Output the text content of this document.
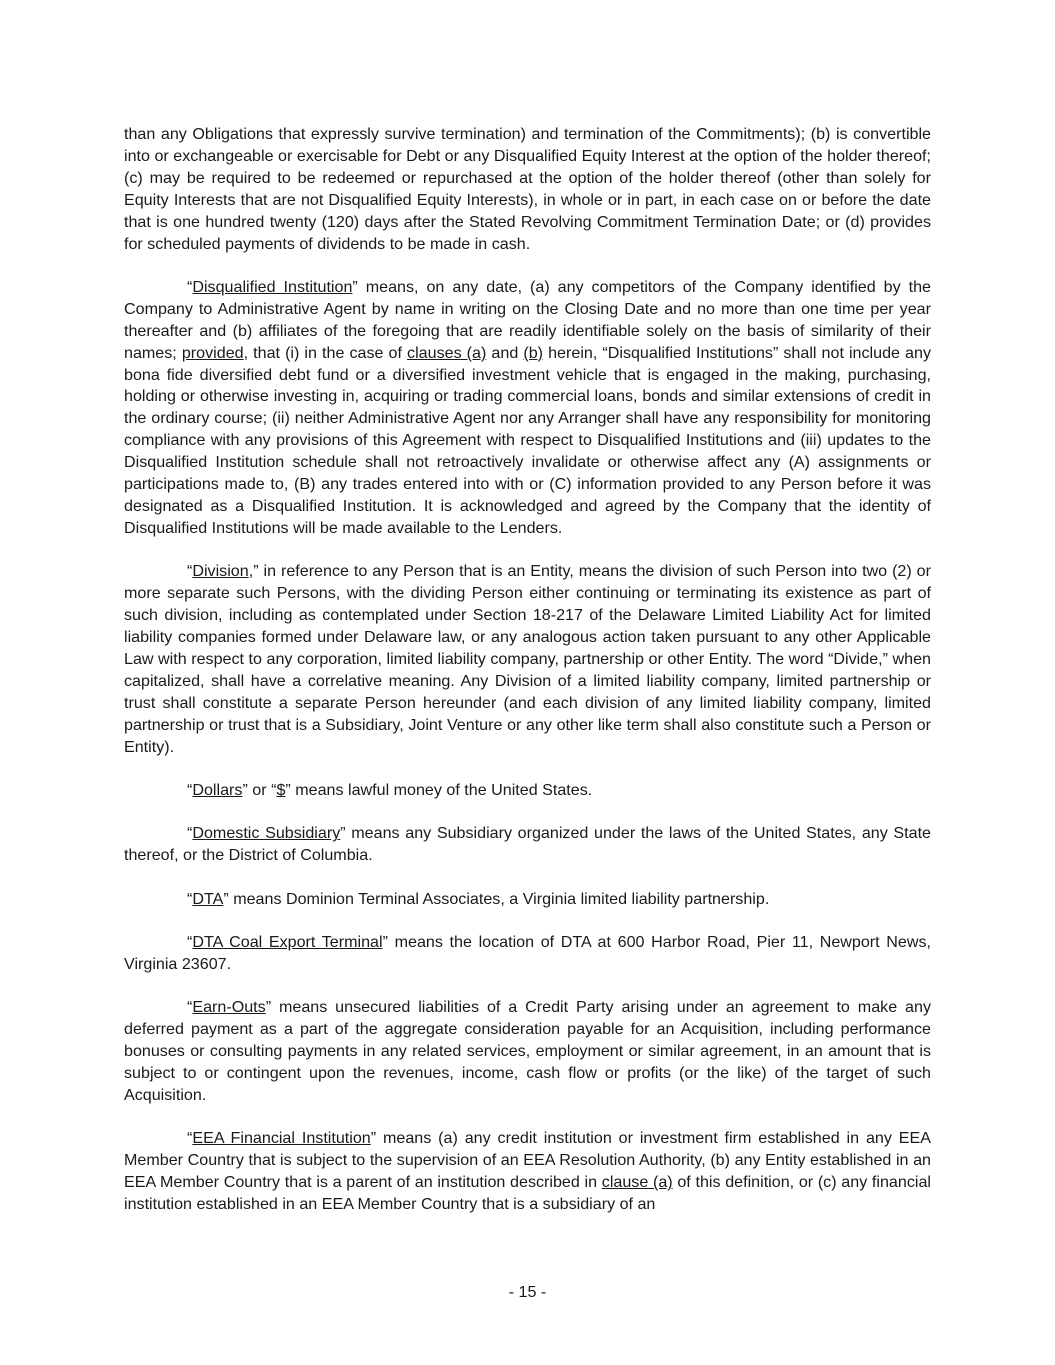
than any Obligations that expressly survive termination) and termination of the Commitments); (b) is convertible into or exchangeable or exercisable for Debt or any Disqualified Equity Interest at the option of the holder thereof; (c) may be required to be redeemed or repurchased at the option of the holder thereof (other than solely for Equity Interests that are not Disqualified Equity Interests), in whole or in part, in each case on or before the date that is one hundred twenty (120) days after the Stated Revolving Commitment Termination Date; or (d) provides for scheduled payments of dividends to be made in cash.

“Disqualified Institution” means, on any date, (a) any competitors of the Company identified by the Company to Administrative Agent by name in writing on the Closing Date and no more than one time per year thereafter and (b) affiliates of the foregoing that are readily identifiable solely on the basis of similarity of their names; provided, that (i) in the case of clauses (a) and (b) herein, “Disqualified Institutions” shall not include any bona fide diversified debt fund or a diversified investment vehicle that is engaged in the making, purchasing, holding or otherwise investing in, acquiring or trading commercial loans, bonds and similar extensions of credit in the ordinary course; (ii) neither Administrative Agent nor any Arranger shall have any responsibility for monitoring compliance with any provisions of this Agreement with respect to Disqualified Institutions and (iii) updates to the Disqualified Institution schedule shall not retroactively invalidate or otherwise affect any (A) assignments or participations made to, (B) any trades entered into with or (C) information provided to any Person before it was designated as a Disqualified Institution. It is acknowledged and agreed by the Company that the identity of Disqualified Institutions will be made available to the Lenders.

“Division,” in reference to any Person that is an Entity, means the division of such Person into two (2) or more separate such Persons, with the dividing Person either continuing or terminating its existence as part of such division, including as contemplated under Section 18-217 of the Delaware Limited Liability Act for limited liability companies formed under Delaware law, or any analogous action taken pursuant to any other Applicable Law with respect to any corporation, limited liability company, partnership or other Entity. The word “Divide,” when capitalized, shall have a correlative meaning. Any Division of a limited liability company, limited partnership or trust shall constitute a separate Person hereunder (and each division of any limited liability company, limited partnership or trust that is a Subsidiary, Joint Venture or any other like term shall also constitute such a Person or Entity).

“Dollars” or “$” means lawful money of the United States.

“Domestic Subsidiary” means any Subsidiary organized under the laws of the United States, any State thereof, or the District of Columbia.

“DTA” means Dominion Terminal Associates, a Virginia limited liability partnership.

“DTA Coal Export Terminal” means the location of DTA at 600 Harbor Road, Pier 11, Newport News, Virginia 23607.

“Earn-Outs” means unsecured liabilities of a Credit Party arising under an agreement to make any deferred payment as a part of the aggregate consideration payable for an Acquisition, including performance bonuses or consulting payments in any related services, employment or similar agreement, in an amount that is subject to or contingent upon the revenues, income, cash flow or profits (or the like) of the target of such Acquisition.

“EEA Financial Institution” means (a) any credit institution or investment firm established in any EEA Member Country that is subject to the supervision of an EEA Resolution Authority, (b) any Entity established in an EEA Member Country that is a parent of an institution described in clause (a) of this definition, or (c) any financial institution established in an EEA Member Country that is a subsidiary of an

- 15 -
